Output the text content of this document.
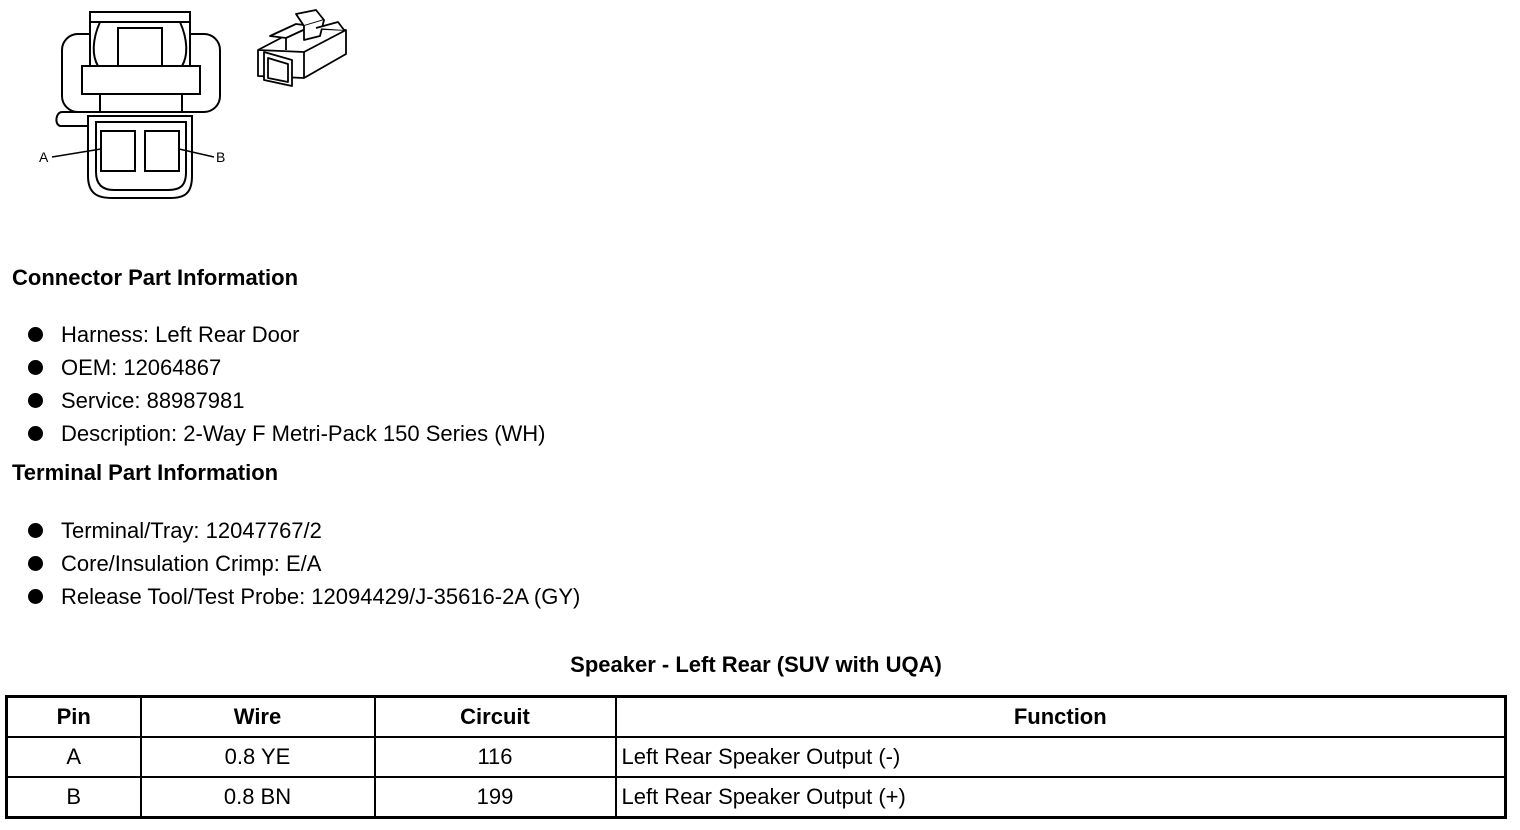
A	B
Connector Part Information
Harness: Left Rear Door
OEM: 12064867
Service: 88987981
Description: 2-Way F Metri-Pack 150 Series (WH)
Terminal Part Information
Terminal/Tray: 12047767/2
Core/Insulation Crimp: E/A
Release Tool/Test Probe: 12094429/J-35616-2A (GY)
Speaker - Left Rear (SUV with UQA)
Pin	Wire	Circuit	Function
A	0.8 YE	116	Left Rear Speaker Output (-)
B	0.8 BN	199	Left Rear Speaker Output (+)
